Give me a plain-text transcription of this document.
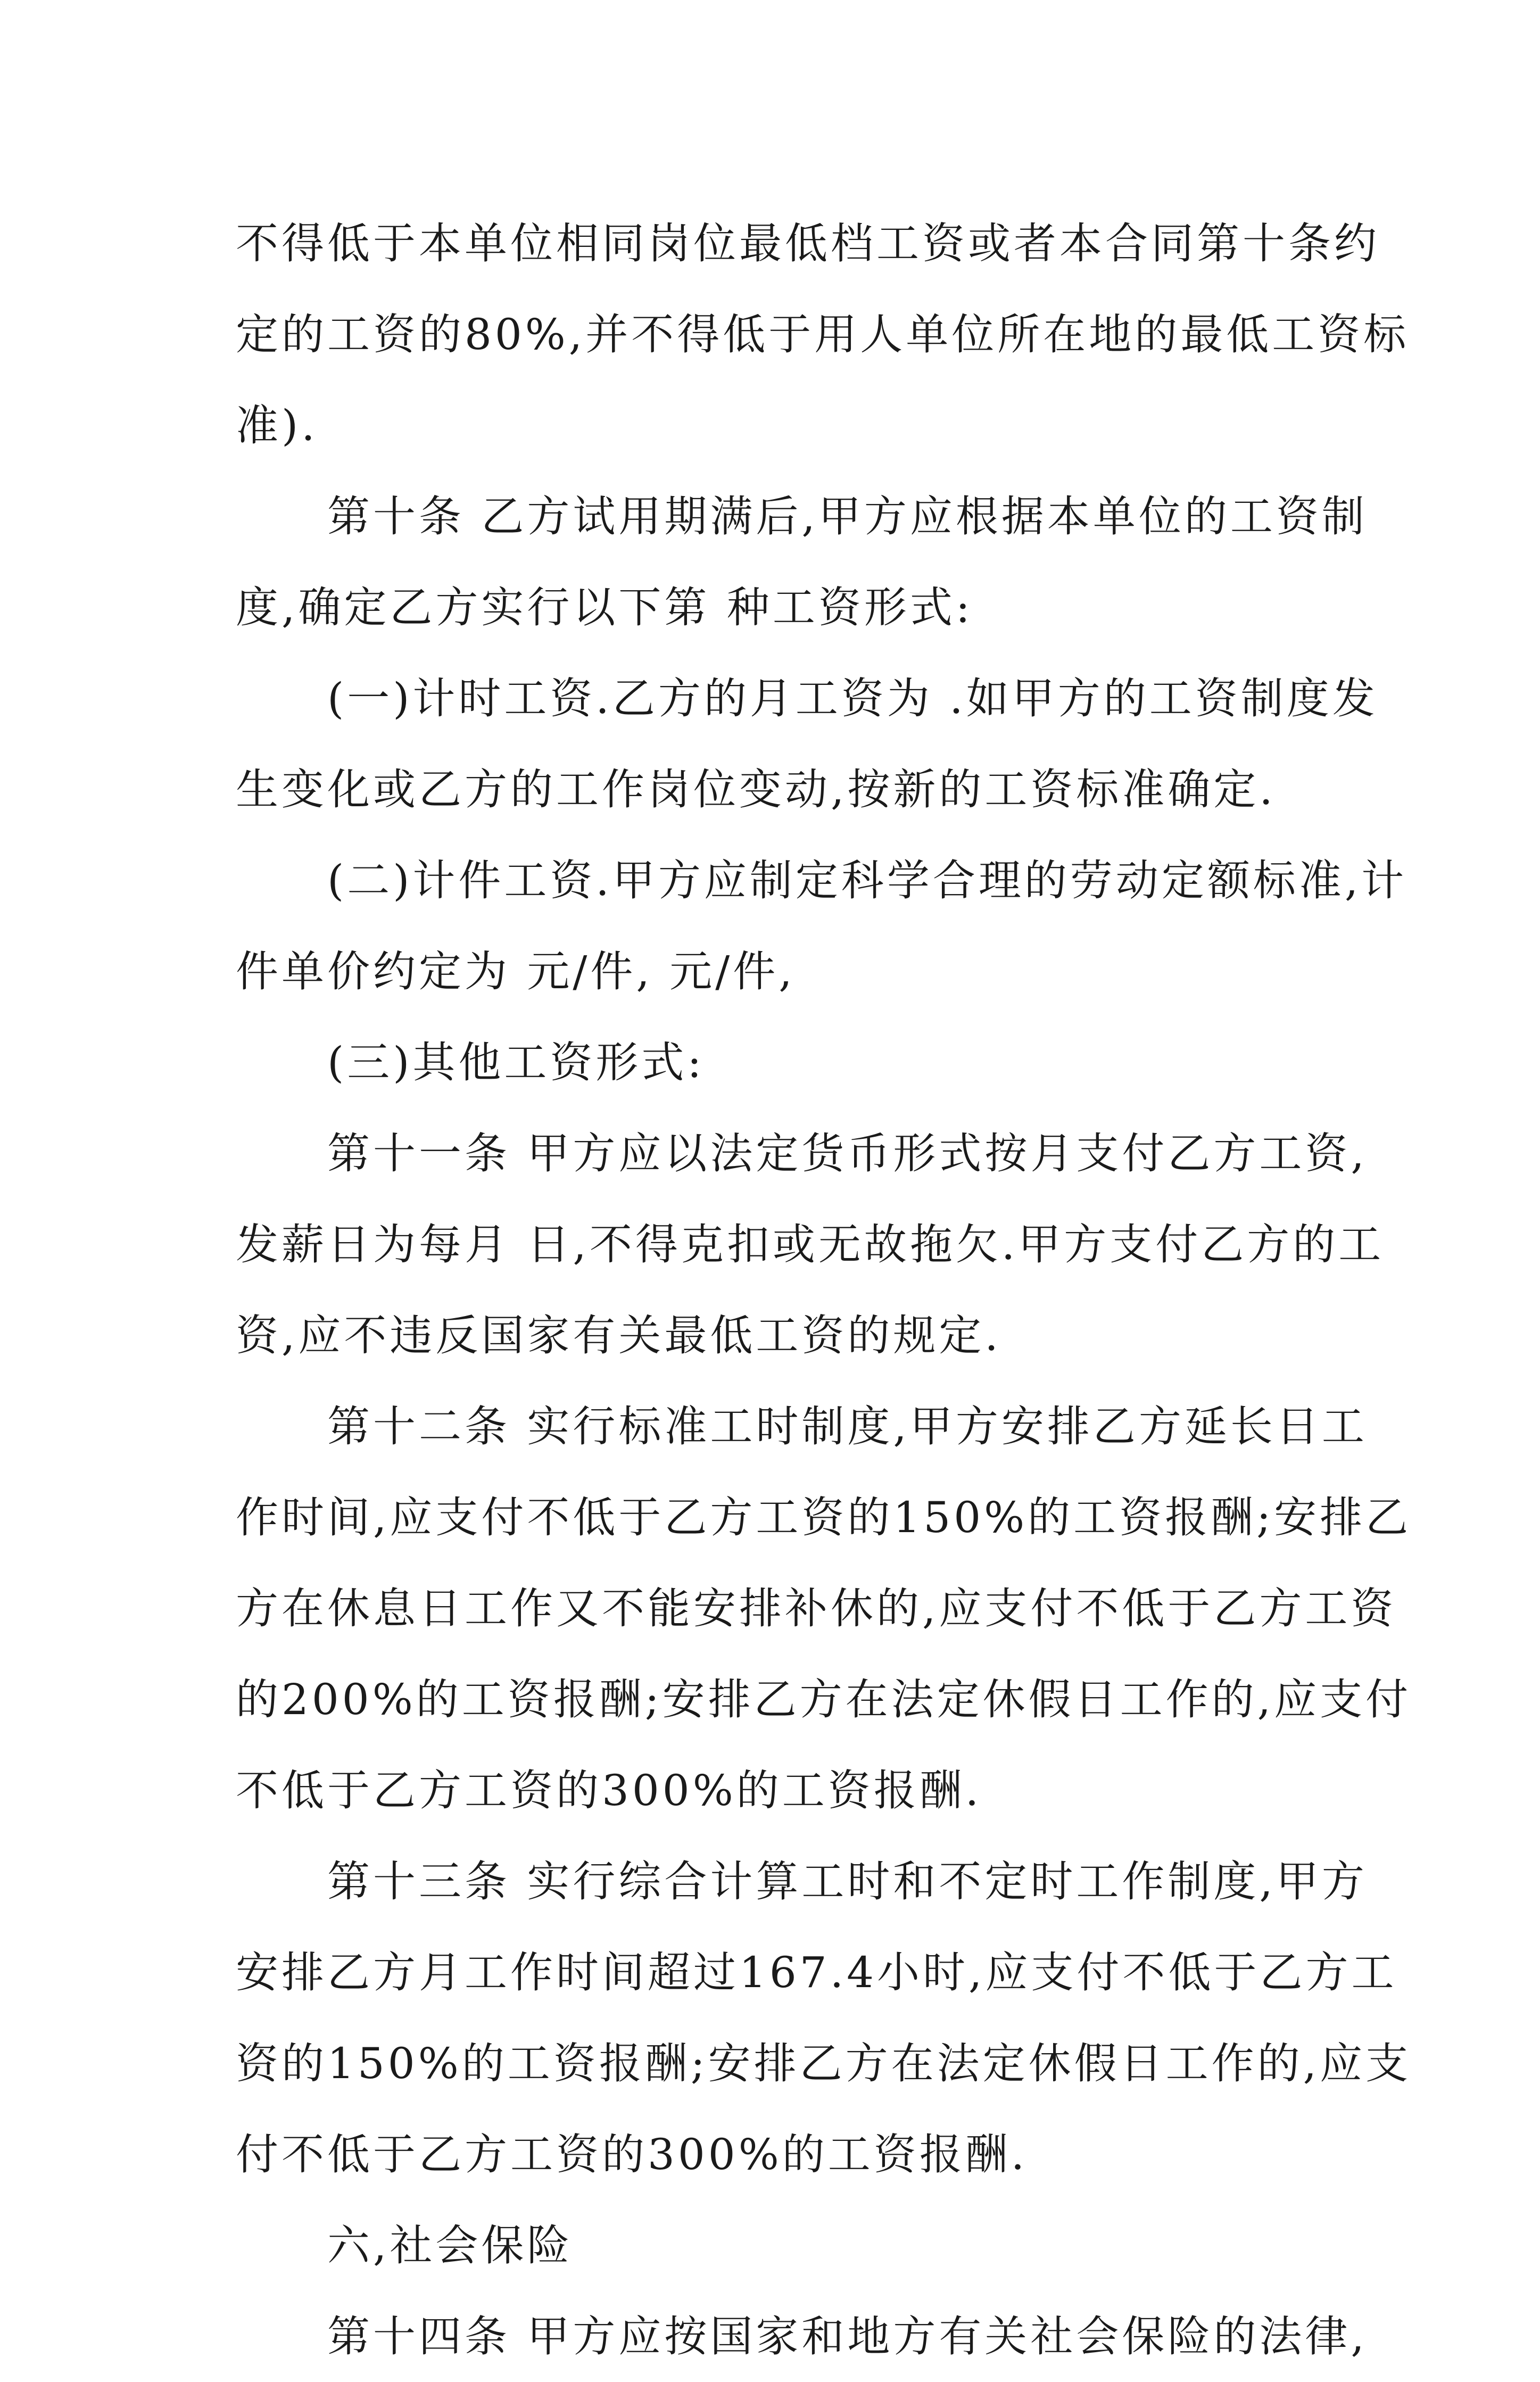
不得低于本单位相同岗位最低档工资或者本合同第十条约
定的工资的80%,并不得低于用人单位所在地的最低工资标
准).
第十条 乙方试用期满后,甲方应根据本单位的工资制
度,确定乙方实行以下第 种工资形式:
(一)计时工资.乙方的月工资为 .如甲方的工资制度发
生变化或乙方的工作岗位变动,按新的工资标准确定.
(二)计件工资.甲方应制定科学合理的劳动定额标准,计
件单价约定为 元/件, 元/件,
(三)其他工资形式:
第十一条 甲方应以法定货币形式按月支付乙方工资,
发薪日为每月 日,不得克扣或无故拖欠.甲方支付乙方的工
资,应不违反国家有关最低工资的规定.
第十二条 实行标准工时制度,甲方安排乙方延长日工
作时间,应支付不低于乙方工资的150%的工资报酬;安排乙
方在休息日工作又不能安排补休的,应支付不低于乙方工资
的200%的工资报酬;安排乙方在法定休假日工作的,应支付
不低于乙方工资的300%的工资报酬.
第十三条 实行综合计算工时和不定时工作制度,甲方
安排乙方月工作时间超过167.4小时,应支付不低于乙方工
资的150%的工资报酬;安排乙方在法定休假日工作的,应支
付不低于乙方工资的300%的工资报酬.
六,社会保险
第十四条 甲方应按国家和地方有关社会保险的法律,
